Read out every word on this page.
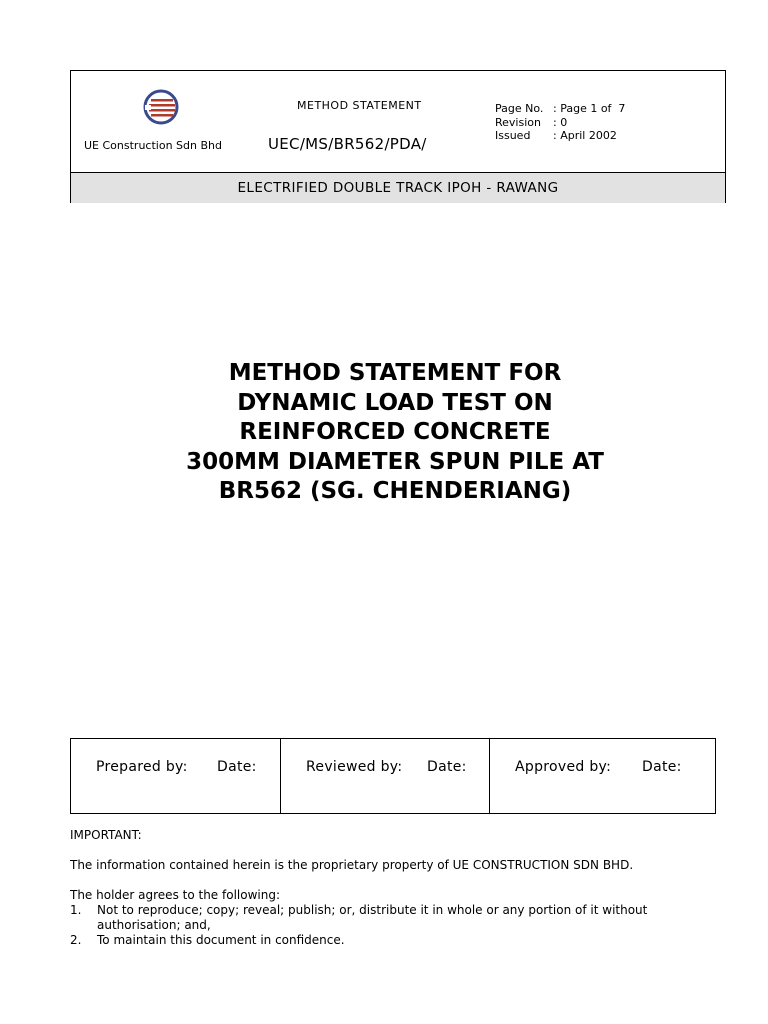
UE Construction Sdn Bhd
METHOD STATEMENT
UEC/MS/BR562/PDA/
Page No. : Page 1 of  7
Revision	: 0
Issued	: April 2002
ELECTRIFIED DOUBLE TRACK IPOH - RAWANG
METHOD STATEMENT FOR
DYNAMIC LOAD TEST ON
REINFORCED CONCRETE
300MM DIAMETER SPUN PILE AT
BR562 (SG. CHENDERIANG)

Prepared by: Date:
	Reviewed by: Date:
	Approved by: Date:

IMPORTANT:

The information contained herein is the proprietary property of UE CONSTRUCTION SDN BHD.

The holder agrees to the following:

1.	Not to reproduce; copy; reveal; publish; or, distribute it in whole or any portion of it without authorisation; and,
2.	To maintain this document in confidence.
